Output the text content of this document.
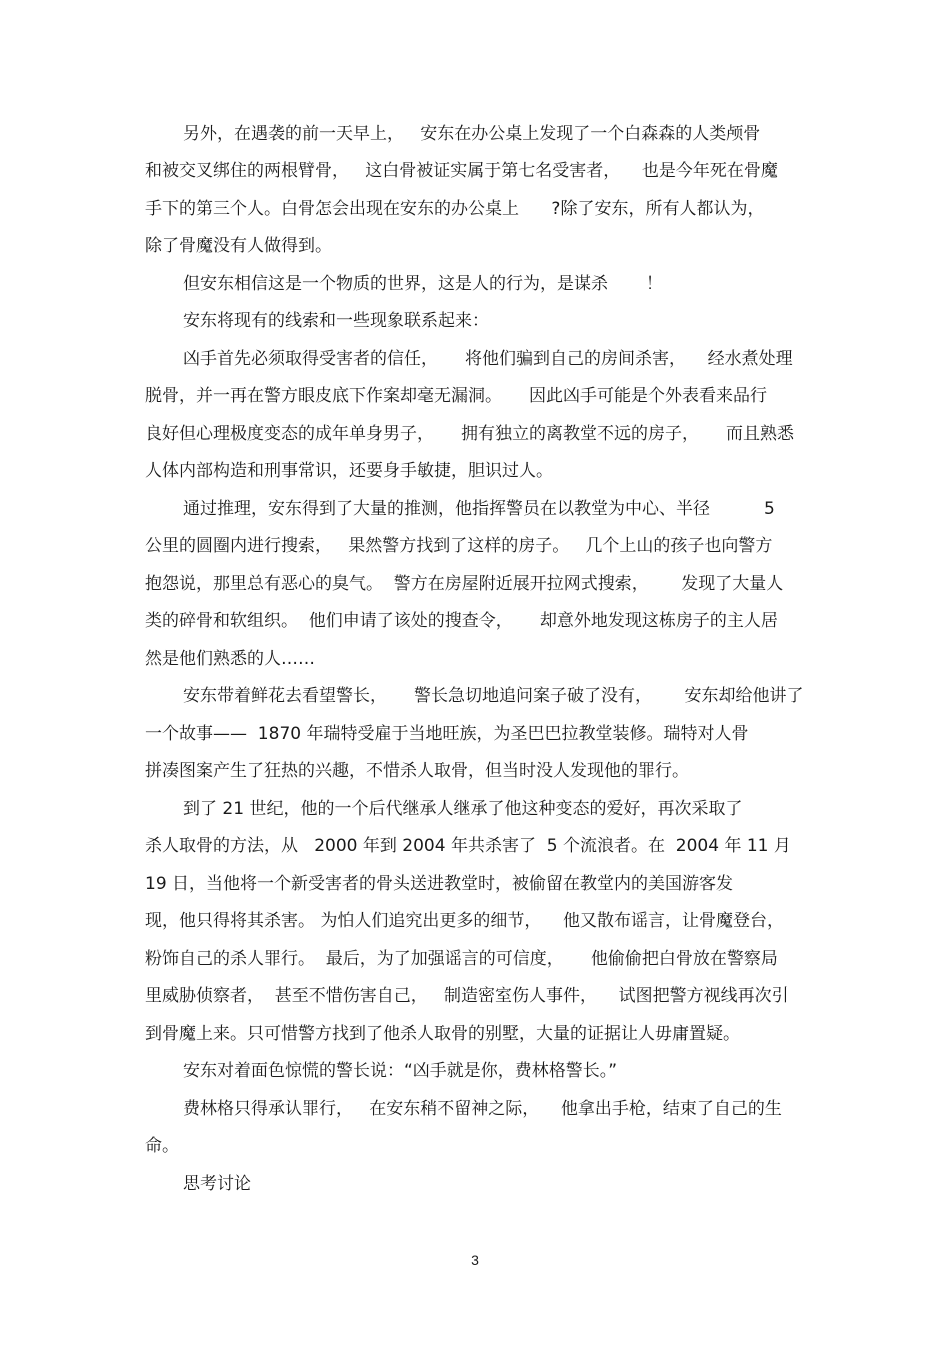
另外，在遇袭的前一天早上，   安东在办公桌上发现了一个白森森的人类颅骨
和被交叉绑住的两根臂骨，   这白骨被证实属于第七名受害者，    也是今年死在骨魔
手下的第三个人。白骨怎会出现在安东的办公桌上      ?除了安东，所有人都认为，
除了骨魔没有人做得到。
但安东相信这是一个物质的世界，这是人的行为，是谋杀       ！
安东将现有的线索和一些现象联系起来：
凶手首先必须取得受害者的信任，     将他们骗到自己的房间杀害，    经水煮处理
脱骨，并一再在警方眼皮底下作案却毫无漏洞。     因此凶手可能是个外表看来品行
良好但心理极度变态的成年单身男子，     拥有独立的离教堂不远的房子，     而且熟悉
人体内部构造和刑事常识，还要身手敏捷，胆识过人。
通过推理，安东得到了大量的推测，他指挥警员在以教堂为中心、半径          5
公里的圆圈内进行搜索，   果然警方找到了这样的房子。   几个上山的孩子也向警方
抱怨说，那里总有恶心的臭气。  警方在房屋附近展开拉网式搜索，      发现了大量人
类的碎骨和软组织。  他们申请了该处的搜查令，     却意外地发现这栋房子的主人居
然是他们熟悉的人……
安东带着鲜花去看望警长，     警长急切地追问案子破了没有，      安东却给他讲了
一个故事——  1870 年瑞特受雇于当地旺族，为圣巴巴拉教堂装修。瑞特对人骨
拼凑图案产生了狂热的兴趣，不惜杀人取骨，但当时没人发现他的罪行。
到了 21 世纪，他的一个后代继承人继承了他这种变态的爱好，再次采取了
杀人取骨的方法，从   2000 年到 2004 年共杀害了  5 个流浪者。在  2004 年 11 月
19 日，当他将一个新受害者的骨头送进教堂时，被偷留在教堂内的美国游客发
现，他只得将其杀害。 为怕人们追究出更多的细节，    他又散布谣言，让骨魔登台，
粉饰自己的杀人罪行。  最后，为了加强谣言的可信度，     他偷偷把白骨放在警察局
里威胁侦察者，  甚至不惜伤害自己，   制造密室伤人事件，    试图把警方视线再次引
到骨魔上来。只可惜警方找到了他杀人取骨的别墅，大量的证据让人毋庸置疑。
安东对着面色惊慌的警长说：“凶手就是你，费林格警长。”
费林格只得承认罪行，   在安东稍不留神之际，    他拿出手枪，结束了自己的生
命。
思考讨论
3
